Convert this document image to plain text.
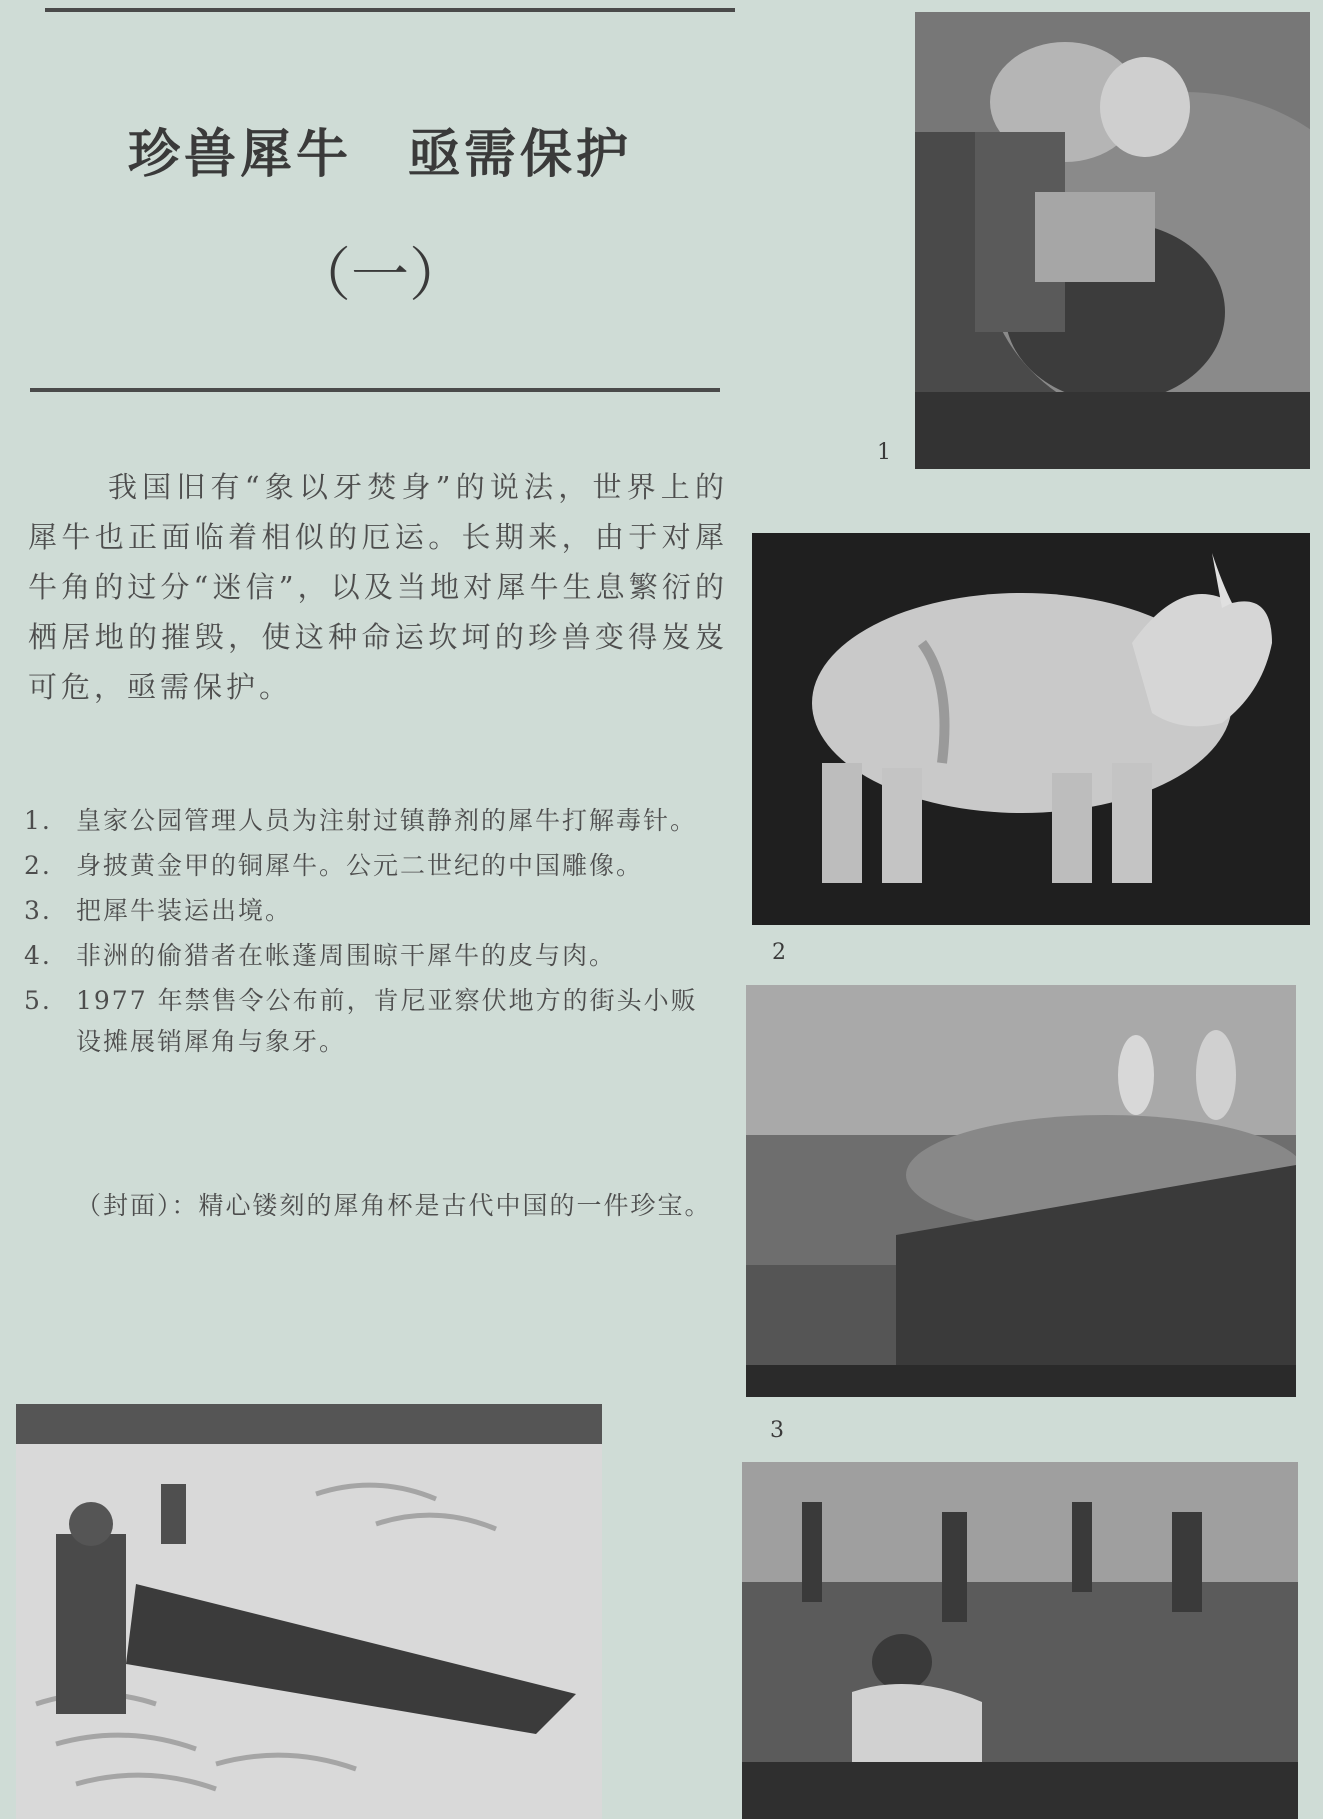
珍兽犀牛　亟需保护
（一）

我国旧有“象以牙焚身”的说法，世界上的犀牛也正面临着相似的厄运。长期来，由于对犀牛角的过分“迷信”，以及当地对犀牛生息繁衍的栖居地的摧毁，使这种命运坎坷的珍兽变得岌岌可危，亟需保护。

1. 皇家公园管理人员为注射过镇静剂的犀牛打解毒针。
2. 身披黄金甲的铜犀牛。公元二世纪的中国雕像。
3. 把犀牛装运出境。
4. 非洲的偷猎者在帐蓬周围晾干犀牛的皮与肉。
5. 1977 年禁售令公布前，肯尼亚察伏地方的街头小贩设摊展销犀角与象牙。

（封面）：精心镂刻的犀角杯是古代中国的一件珍宝。

1
2
3
